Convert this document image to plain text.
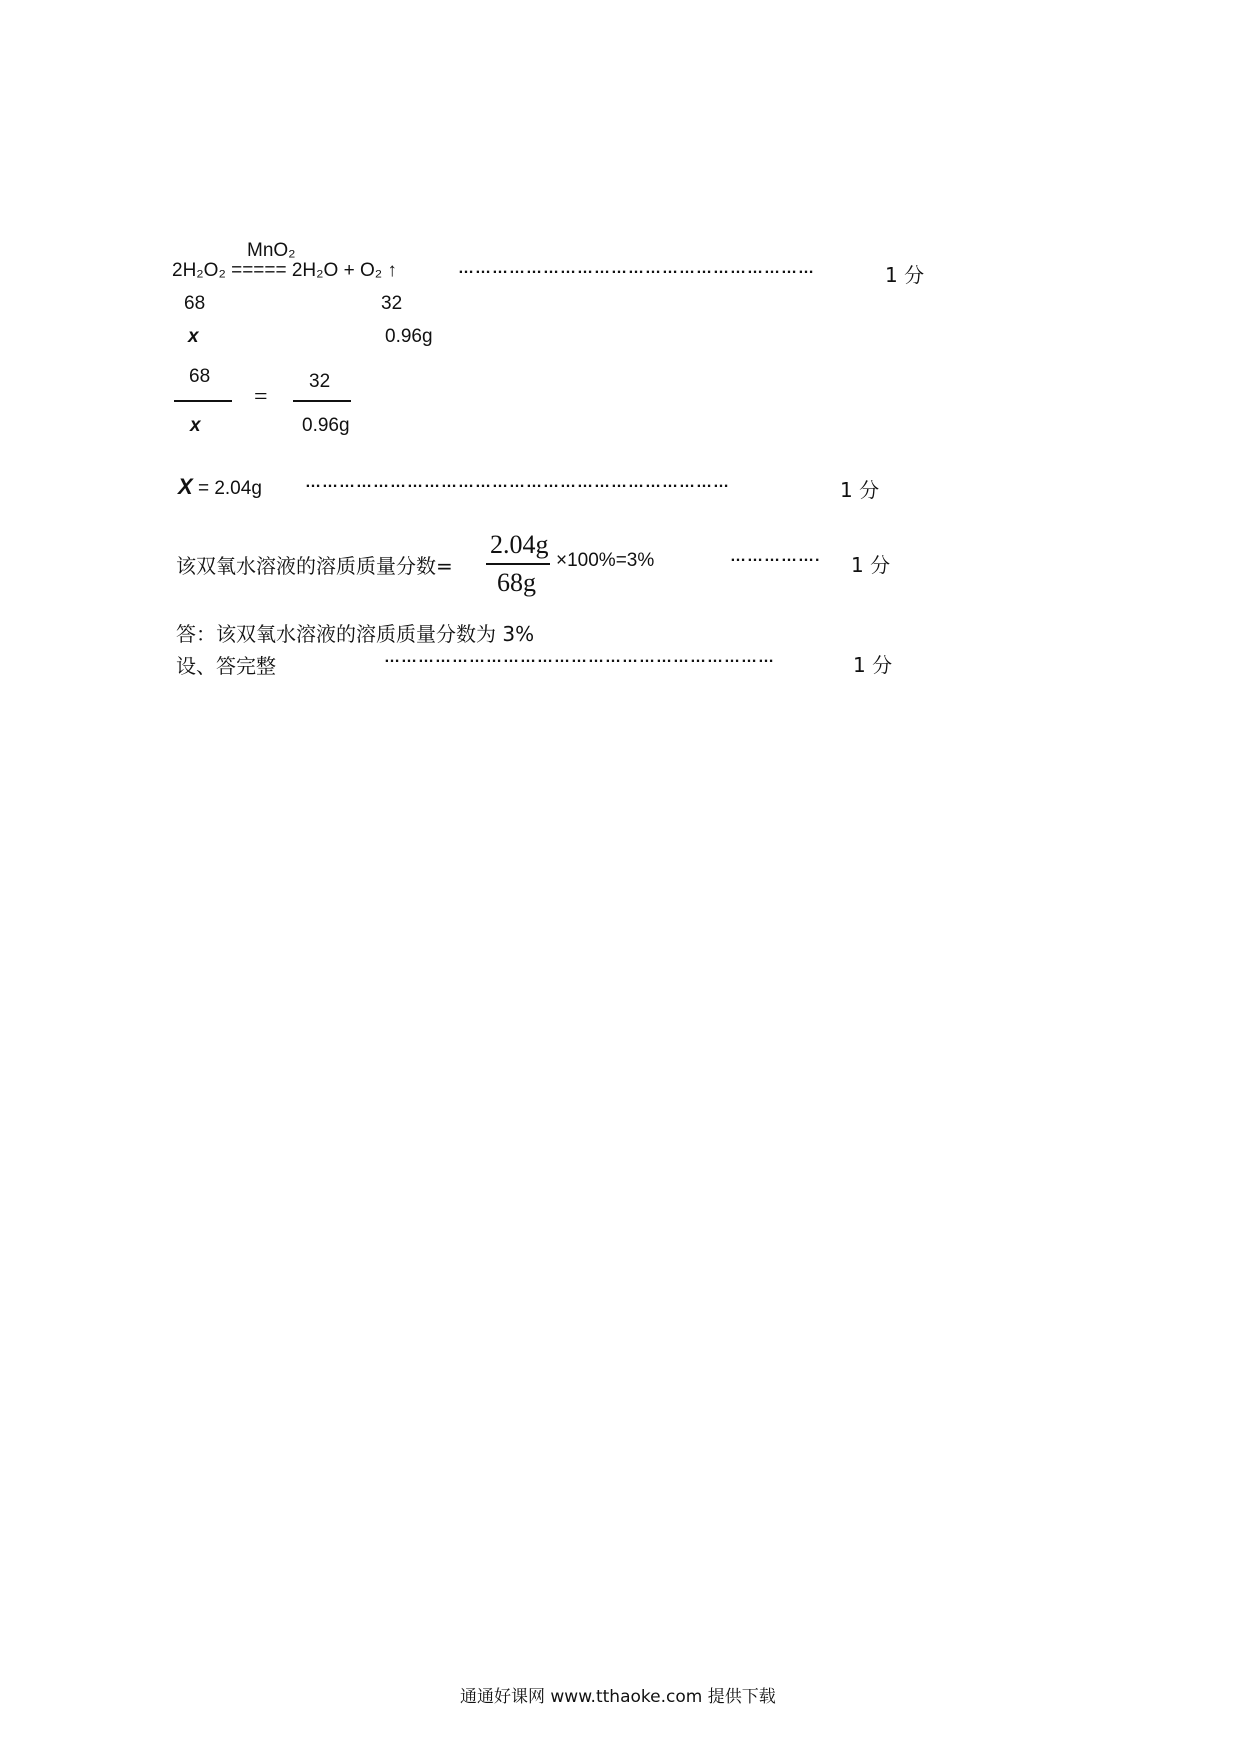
MnO₂
2H₂O₂ ===== 2H₂O + O₂ ↑	………………………………………………………	1 分
68	32
x	0.96g
68
x
=
32
0.96g
X = 2.04g	…………………………………………………………………	1 分
该双氧水溶液的溶质质量分数=
2.04g
68g
×100%=3%	……………. 1 分
答：该双氧水溶液的溶质质量分数为 3%
设、答完整	……………………………………………………………	1 分
通通好课网 www.tthaoke.com 提供下载
